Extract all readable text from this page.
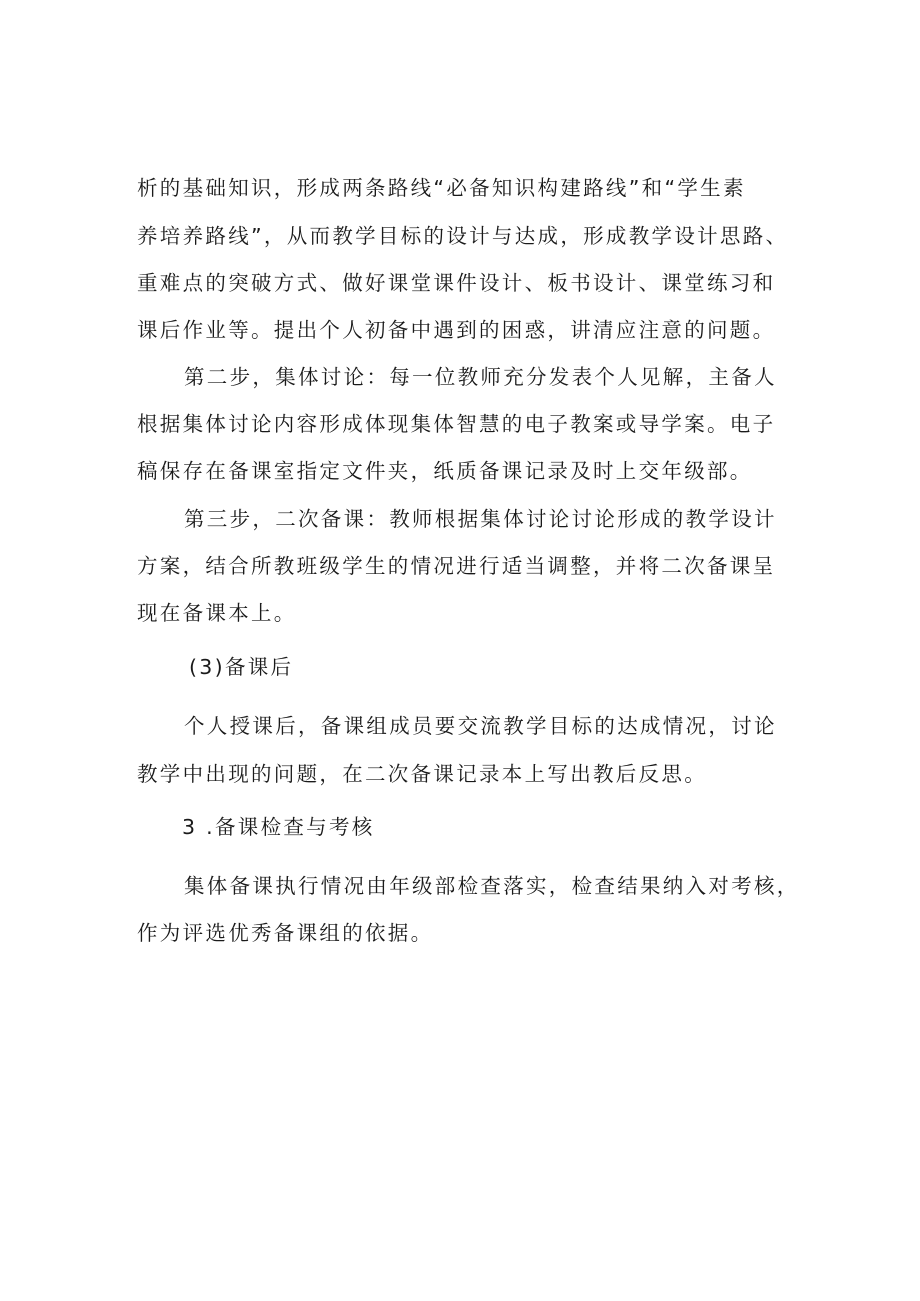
析的基础知识，形成两条路线“必备知识构建路线”和“学生素
养培养路线”，从而教学目标的设计与达成，形成教学设计思路、
重难点的突破方式、做好课堂课件设计、板书设计、课堂练习和
课后作业等。提出个人初备中遇到的困惑，讲清应注意的问题。
第二步，集体讨论：每一位教师充分发表个人见解，主备人
根据集体讨论内容形成体现集体智慧的电子教案或导学案。电子
稿保存在备课室指定文件夹，纸质备课记录及时上交年级部。
第三步，二次备课：教师根据集体讨论讨论形成的教学设计
方案，结合所教班级学生的情况进行适当调整，并将二次备课呈
现在备课本上。
(3)备课后
个人授课后，备课组成员要交流教学目标的达成情况，讨论
教学中出现的问题，在二次备课记录本上写出教后反思。
3 .备课检查与考核
集体备课执行情况由年级部检查落实，检查结果纳入对考核，
作为评选优秀备课组的依据。
